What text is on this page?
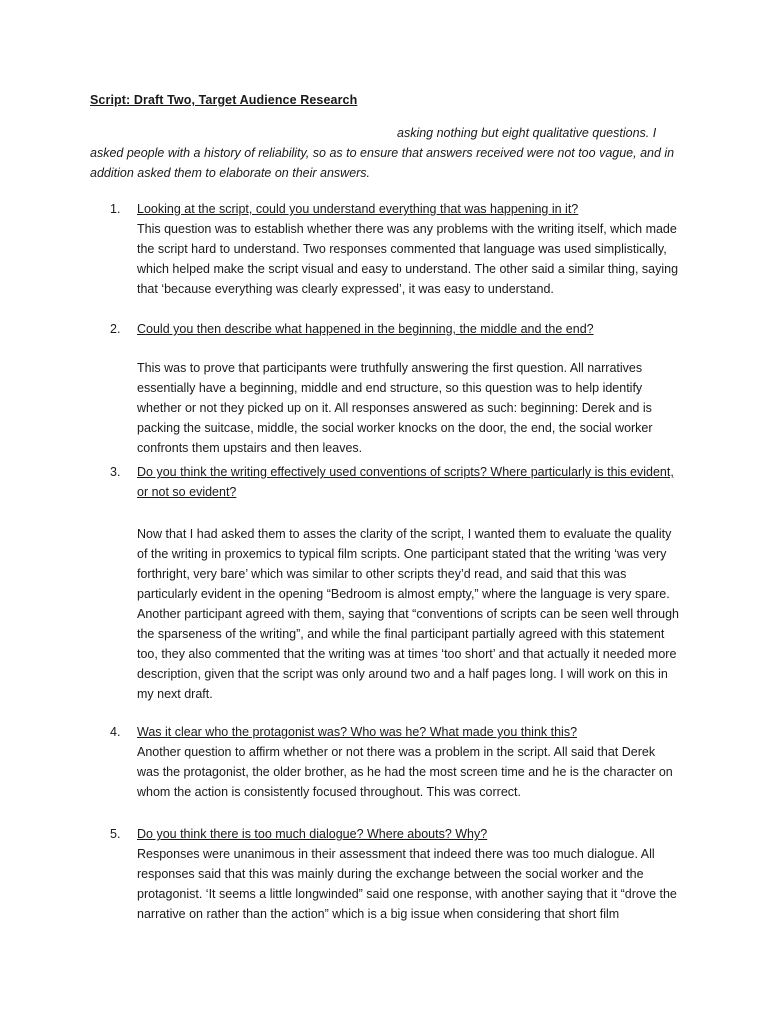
Script: Draft Two, Target Audience Research
asking nothing but eight qualitative questions. I asked people with a history of reliability, so as to ensure that answers received were not too vague, and in addition asked them to elaborate on their answers.
1. Looking at the script, could you understand everything that was happening in it?
This question was to establish whether there was any problems with the writing itself, which made the script hard to understand. Two responses commented that language was used simplistically, which helped make the script visual and easy to understand. The other said a similar thing, saying that ‘because everything was clearly expressed’, it was easy to understand.
2. Could you then describe what happened in the beginning, the middle and the end?
This was to prove that participants were truthfully answering the first question. All narratives essentially have a beginning, middle and end structure, so this question was to help identify whether or not they picked up on it. All responses answered as such: beginning: Derek and is packing the suitcase, middle, the social worker knocks on the door, the end, the social worker confronts them upstairs and then leaves.
3. Do you think the writing effectively used conventions of scripts? Where particularly is this evident, or not so evident?
Now that I had asked them to asses the clarity of the script, I wanted them to evaluate the quality of the writing in proxemics to typical film scripts. One participant stated that the writing ‘was very forthright, very bare’ which was similar to other scripts they’d read, and said that this was particularly evident in the opening “Bedroom is almost empty,” where the language is very spare. Another participant agreed with them, saying that “conventions of scripts can be seen well through the sparseness of the writing”, and while the final participant partially agreed with this statement too, they also commented that the writing was at times ‘too short’ and that actually it needed more description, given that the script was only around two and a half pages long. I will work on this in my next draft.
4. Was it clear who the protagonist was? Who was he? What made you think this?
Another question to affirm whether or not there was a problem in the script. All said that Derek was the protagonist, the older brother, as he had the most screen time and he is the character on whom the action is consistently focused throughout. This was correct.
5. Do you think there is too much dialogue? Where abouts? Why?
Responses were unanimous in their assessment that indeed there was too much dialogue. All responses said that this was mainly during the exchange between the social worker and the protagonist. ‘It seems a little longwinded” said one response, with another saying that it “drove the narrative on rather than the action” which is a big issue when considering that short film
